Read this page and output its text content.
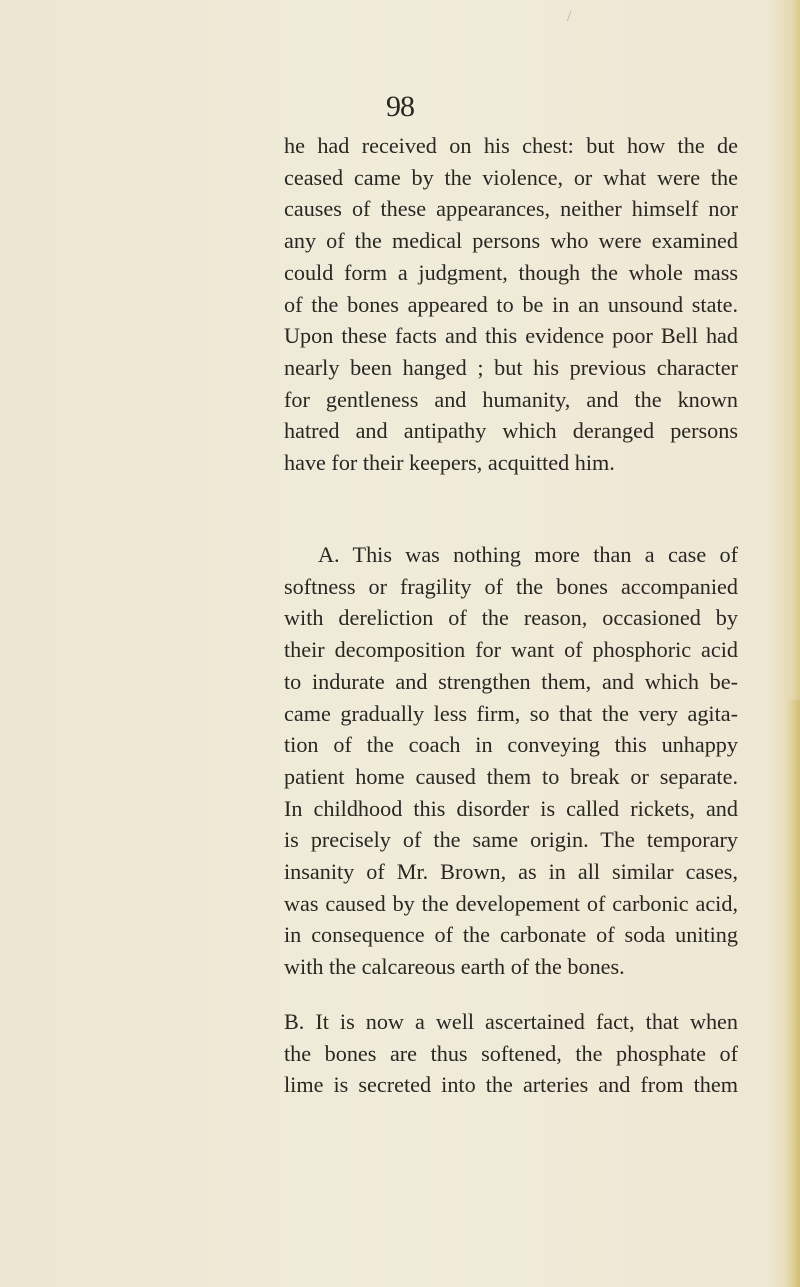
/
98
he had received on his chest: but how the de
ceased came by the violence, or what were the
causes of these appearances, neither himself nor
any of the medical persons who were examined
could form a judgment, though the whole mass
of the bones appeared to be in an unsound state.
Upon these facts and this evidence poor Bell had
nearly been hanged ; but his previous character
for gentleness and humanity, and the known
hatred and antipathy which deranged persons
have for their keepers, acquitted him.
A. This was nothing more than a case of
softness or fragility of the bones accompanied
with dereliction of the reason, occasioned by
their decomposition for want of phosphoric acid
to indurate and strengthen them, and which be-
came gradually less firm, so that the very agita-
tion of the coach in conveying this unhappy
patient home caused them to break or separate.
In childhood this disorder is called rickets, and
is precisely of the same origin. The temporary
insanity of Mr. Brown, as in all similar cases,
was caused by the developement of carbonic acid,
in consequence of the carbonate of soda uniting
with the calcareous earth of the bones.
B. It is now a well ascertained fact, that when
the bones are thus softened, the phosphate of
lime is secreted into the arteries and from them
